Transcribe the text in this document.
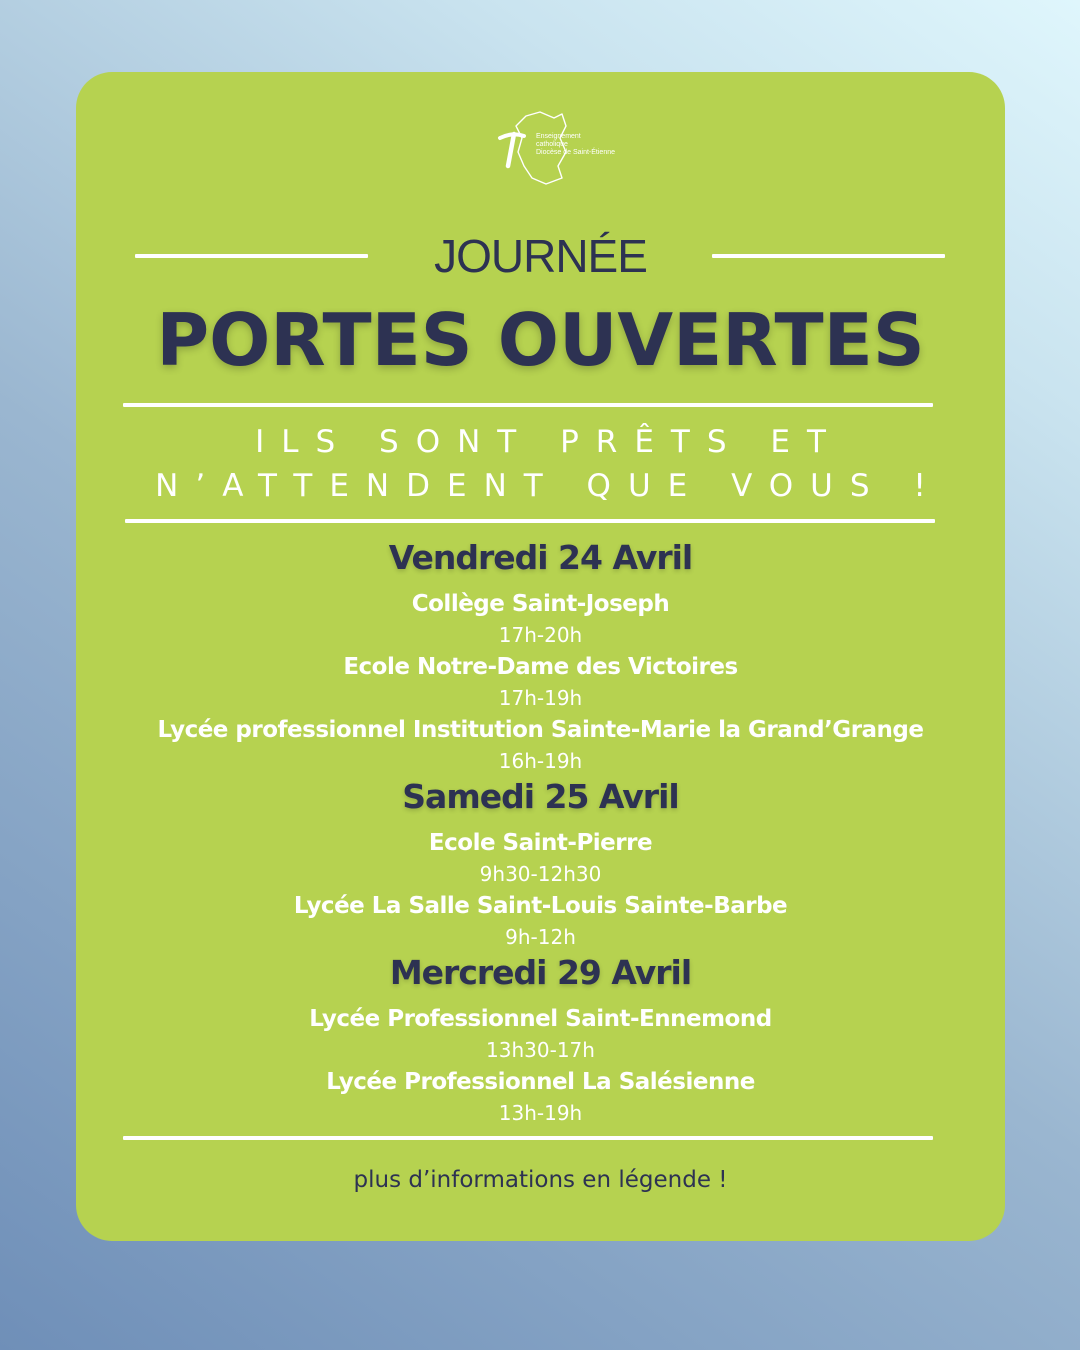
Enseignement
catholique
Diocèse de Saint-Étienne
JOURNÉE
PORTES OUVERTES
ILS SONT PRÊTS ET
N’ATTENDENT QUE VOUS !
Vendredi 24 Avril
Collège Saint-Joseph
17h-20h
Ecole Notre-Dame des Victoires
17h-19h
Lycée professionnel Institution Sainte-Marie la Grand’Grange
16h-19h
Samedi 25 Avril
Ecole Saint-Pierre
9h30-12h30
Lycée La Salle Saint-Louis Sainte-Barbe
9h-12h
Mercredi 29 Avril
Lycée Professionnel Saint-Ennemond
13h30-17h
Lycée Professionnel La Salésienne
13h-19h
plus d’informations en légende !
